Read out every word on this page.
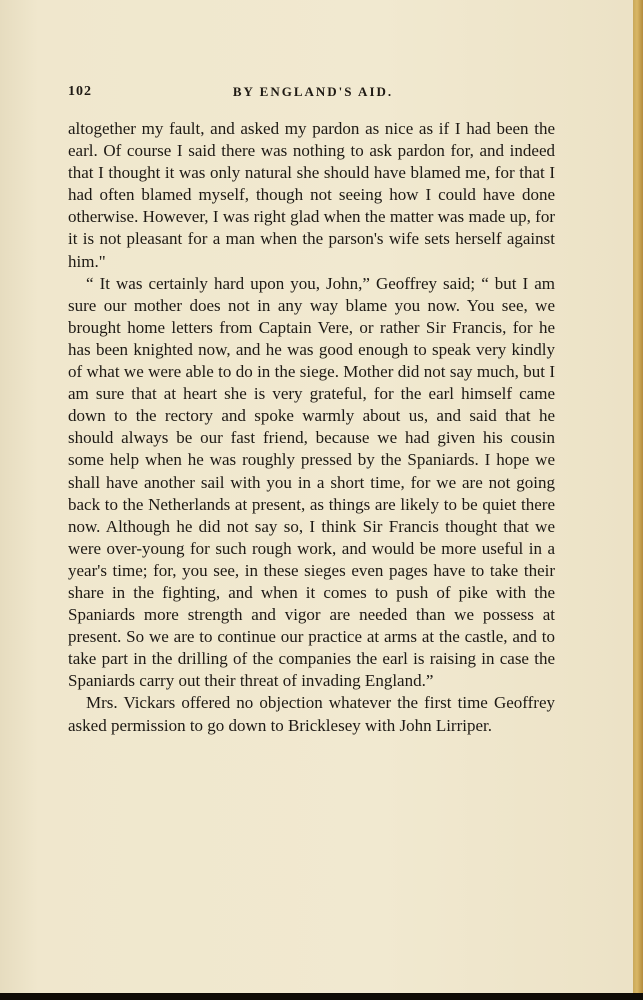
102	BY ENGLAND'S AID.

altogether my fault, and asked my pardon as nice as if I had been the earl. Of course I said there was nothing to ask pardon for, and indeed that I thought it was only natural she should have blamed me, for that I had often blamed myself, though not seeing how I could have done otherwise. However, I was right glad when the matter was made up, for it is not pleasant for a man when the parson's wife sets herself against him."

“ It was certainly hard upon you, John,” Geoffrey said; “ but I am sure our mother does not in any way blame you now. You see, we brought home letters from Captain Vere, or rather Sir Francis, for he has been knighted now, and he was good enough to speak very kindly of what we were able to do in the siege. Mother did not say much, but I am sure that at heart she is very grateful, for the earl himself came down to the rectory and spoke warmly about us, and said that he should always be our fast friend, because we had given his cousin some help when he was roughly pressed by the Spaniards. I hope we shall have another sail with you in a short time, for we are not going back to the Netherlands at present, as things are likely to be quiet there now. Although he did not say so, I think Sir Francis thought that we were over-young for such rough work, and would be more useful in a year's time; for, you see, in these sieges even pages have to take their share in the fighting, and when it comes to push of pike with the Spaniards more strength and vigor are needed than we possess at present. So we are to continue our practice at arms at the castle, and to take part in the drilling of the companies the earl is raising in case the Spaniards carry out their threat of invading England.”

Mrs. Vickars offered no objection whatever the first time Geoffrey asked permission to go down to Bricklesey with John Lirriper.
